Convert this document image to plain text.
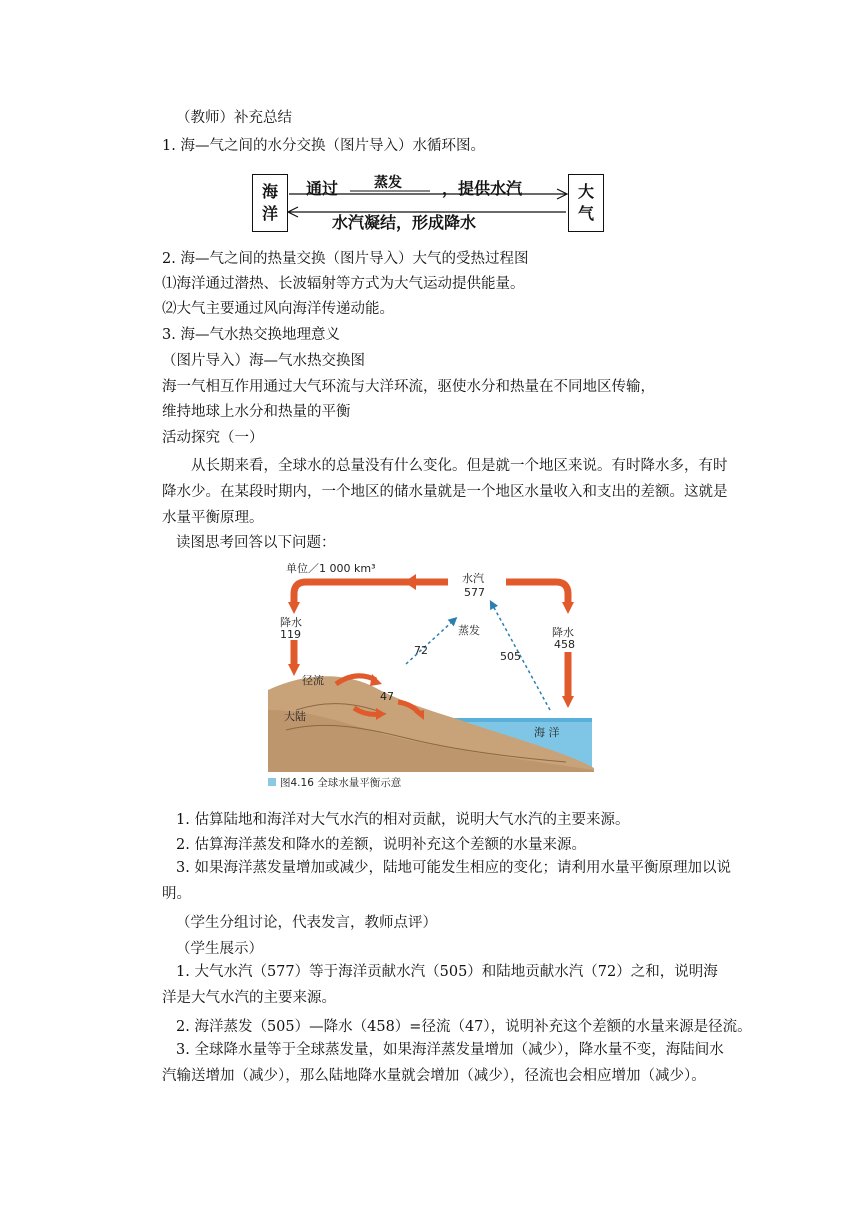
（教师）补充总结
1. 海—气之间的水分交换（图片导入）水循环图。
海洋
大气
通过	蒸发	，提供水汽
水汽凝结，形成降水
2. 海—气之间的热量交换（图片导入）大气的受热过程图
⑴海洋通过潜热、长波辐射等方式为大气运动提供能量。
⑵大气主要通过风向海洋传递动能。
3. 海—气水热交换地理意义
（图片导入）海—气水热交换图
海一气相互作用通过大气环流与大洋环流，驱使水分和热量在不同地区传输，
维持地球上水分和热量的平衡
活动探究（一）
从长期来看，全球水的总量没有什么变化。但是就一个地区来说。有时降水多，有时降水少。在某段时期内，一个地区的储水量就是一个地区水量收入和支出的差额。这就是水量平衡原理。
读图思考回答以下问题：
单位／1 000 km³
水汽
577
降水
119	降水
458
蒸发
72	505
径流
47
大陆
海 洋
图4.16 全球水量平衡示意
1. 估算陆地和海洋对大气水汽的相对贡献，说明大气水汽的主要来源。
2. 估算海洋蒸发和降水的差额，说明补充这个差额的水量来源。
3. 如果海洋蒸发量增加或减少，陆地可能发生相应的变化；请利用水量平衡原理加以说明。
（学生分组讨论，代表发言，教师点评）
（学生展示）
1. 大气水汽（577）等于海洋贡献水汽（505）和陆地贡献水汽（72）之和，说明海洋是大气水汽的主要来源。
2. 海洋蒸发（505）—降水（458）=径流（47），说明补充这个差额的水量来源是径流。
3. 全球降水量等于全球蒸发量，如果海洋蒸发量增加（减少），降水量不变，海陆间水汽输送增加（减少），那么陆地降水量就会增加（减少），径流也会相应增加（减少）。
